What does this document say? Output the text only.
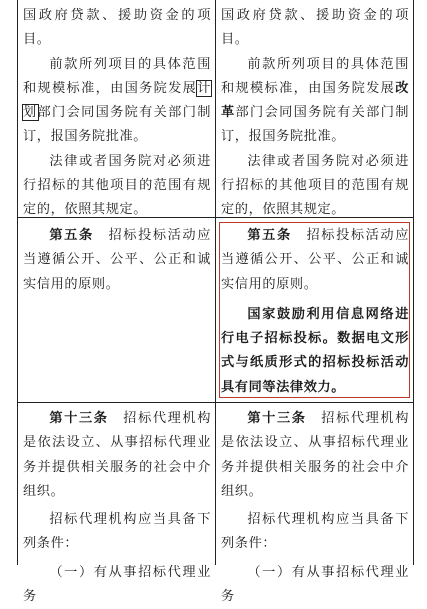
国政府贷款、援助资金的项目。

前款所列项目的具体范围和规模标准，由国务院发展计划部门会同国务院有关部门制订，报国务院批准。

法律或者国务院对必须进行招标的其他项目的范围有规定的，依照其规定。

国政府贷款、援助资金的项目。

前款所列项目的具体范围和规模标准，由国务院发展改革部门会同国务院有关部门制订，报国务院批准。

法律或者国务院对必须进行招标的其他项目的范围有规定的，依照其规定。

第五条　 招标投标活动应当遵循公开、公平、公正和诚实信用的原则。

第五条　 招标投标活动应当遵循公开、公平、公正和诚实信用的原则。

国家鼓励利用信息网络进行电子招标投标。数据电文形式与纸质形式的招标投标活动具有同等法律效力。

第十三条　 招标代理机构是依法设立、从事招标代理业务并提供相关服务的社会中介组织。

招标代理机构应当具备下列条件：

（一）有从事招标代理业务

第十三条　 招标代理机构是依法设立、从事招标代理业务并提供相关服务的社会中介组织。

招标代理机构应当具备下列条件：

（一）有从事招标代理业务
